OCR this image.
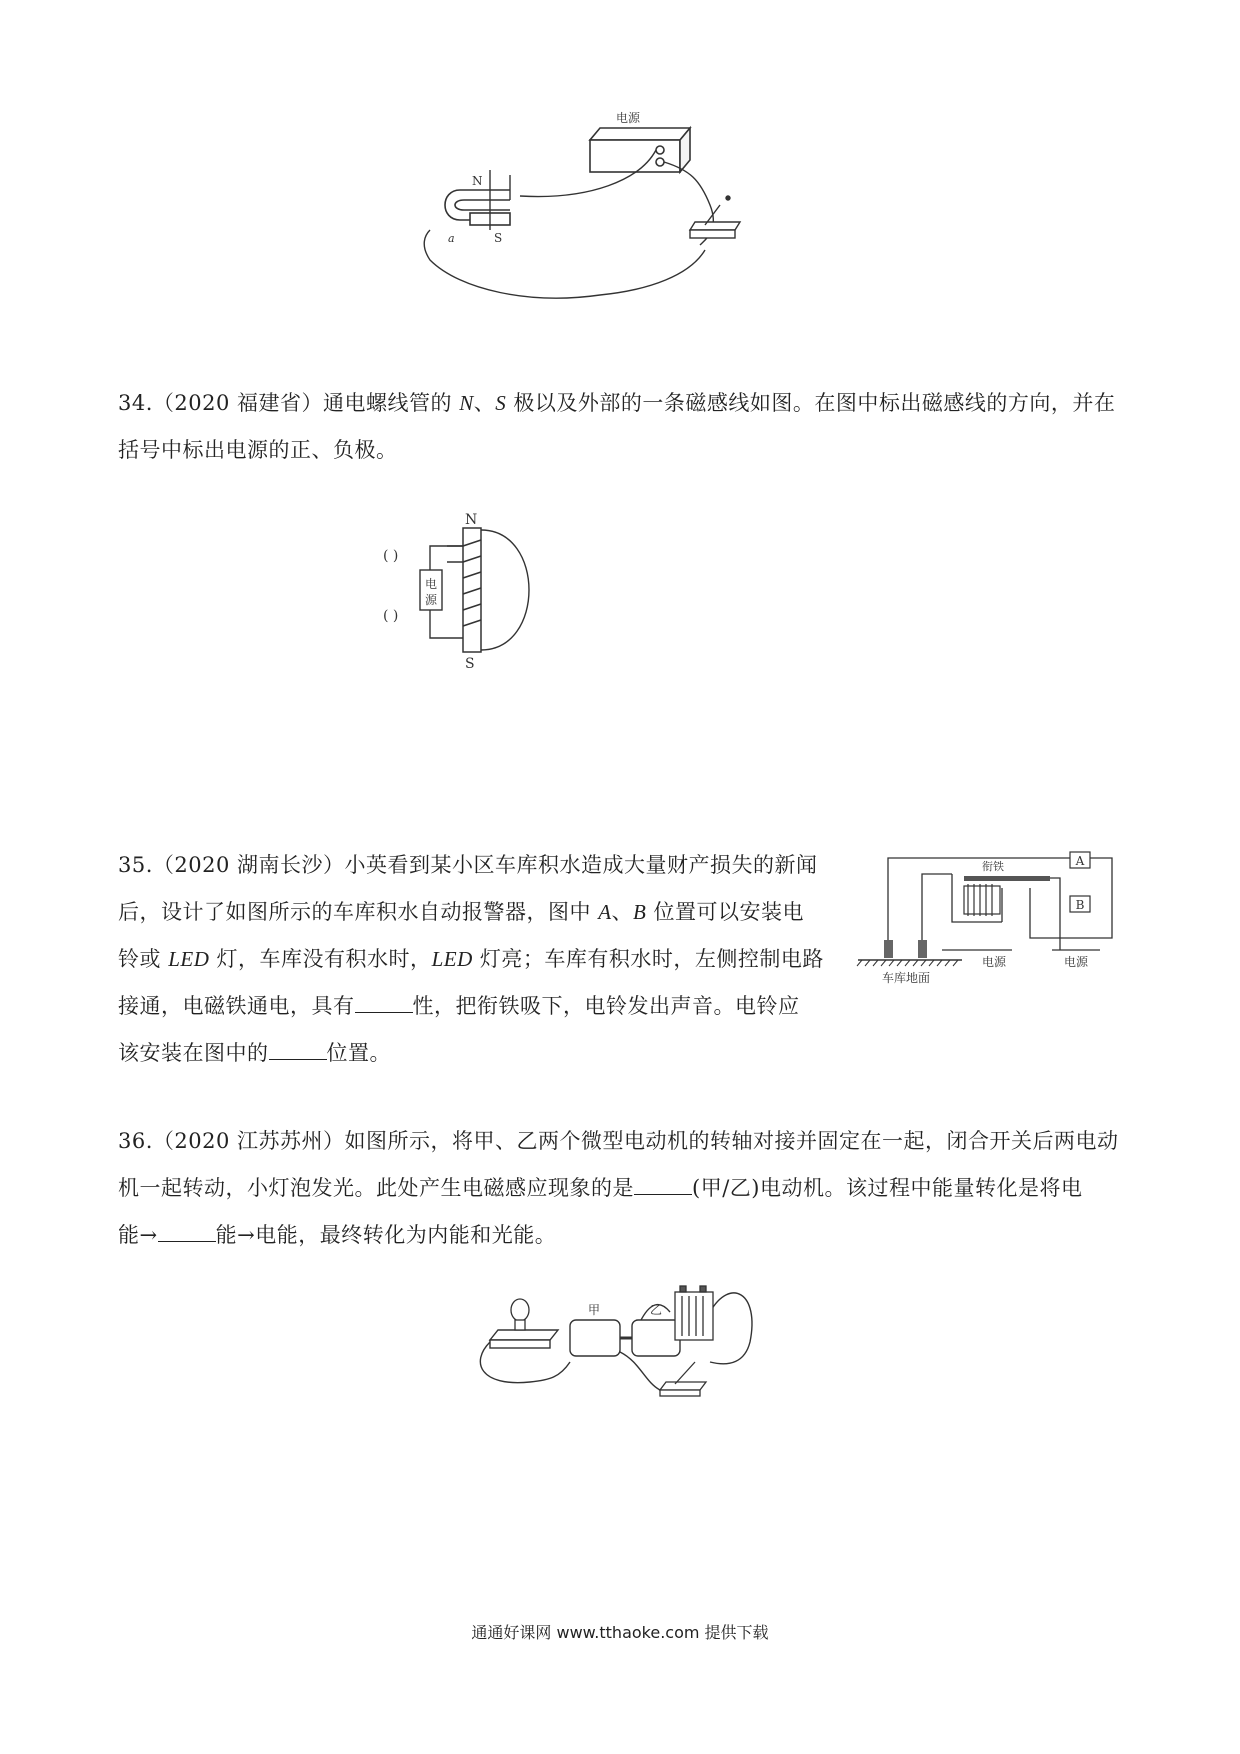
电源
N
S
a
34.（2020 福建省）通电螺线管的 N、S 极以及外部的一条磁感线如图。在图中标出磁感线的方向，并在
括号中标出电源的正、负极。
N
S
电
源
( )
( )
35.（2020 湖南长沙）小英看到某小区车库积水造成大量财产损失的新闻
后，设计了如图所示的车库积水自动报警器，图中 A、B 位置可以安装电
铃或 LED 灯，车库没有积水时，LED 灯亮；车库有积水时，左侧控制电路
接通，电磁铁通电，具有	性，把衔铁吸下，电铃发出声音。电铃应
该安装在图中的	位置。
衔铁	A
B
车库地面
电源	电源
36.（2020 江苏苏州）如图所示，将甲、乙两个微型电动机的转轴对接并固定在一起，闭合开关后两电动
机一起转动，小灯泡发光。此处产生电磁感应现象的是	(甲/乙)电动机。该过程中能量转化是将电
能→	能→电能，最终转化为内能和光能。
甲	乙
通通好课网 www.tthaoke.com 提供下载
